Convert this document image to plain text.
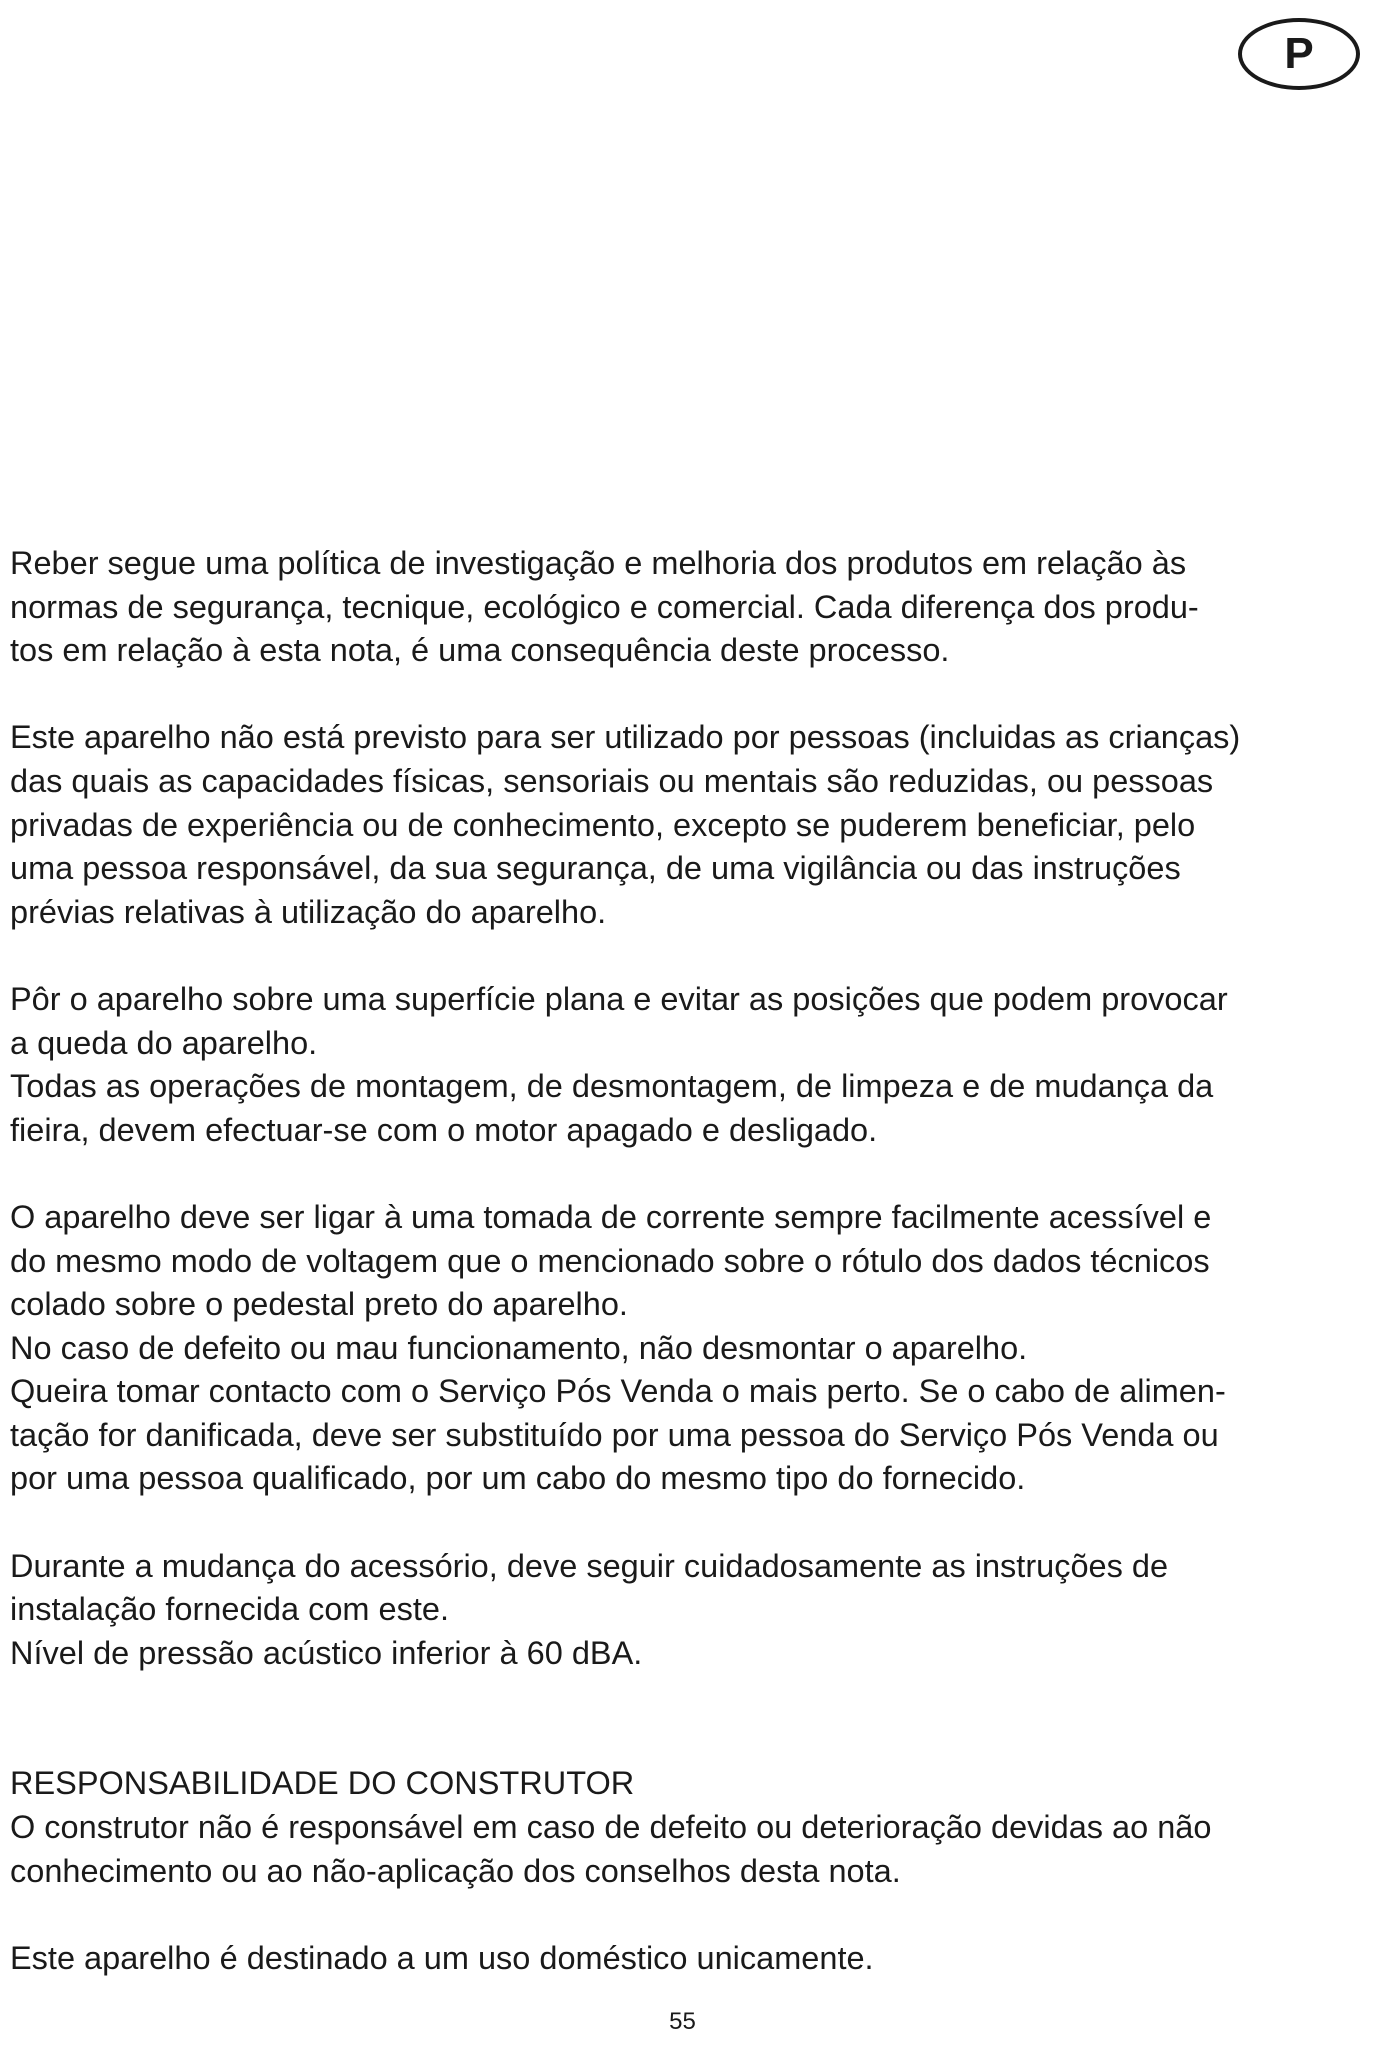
P

Reber segue uma política de investigação e melhoria dos produtos em relação às
normas de segurança, tecnique, ecológico e comercial. Cada diferença dos produ-
tos em relação à esta nota, é uma consequência deste processo.

Este aparelho não está previsto para ser utilizado por pessoas (incluidas as crianças)
das quais as capacidades físicas, sensoriais ou mentais são reduzidas, ou pessoas
privadas de experiência ou de conhecimento, excepto se puderem beneficiar, pelo
uma pessoa responsável, da sua segurança, de uma vigilância ou das instruções
prévias relativas à utilização do aparelho.

Pôr o aparelho sobre uma superfície plana e evitar as posições que podem provocar
a queda do aparelho.
Todas as operações de montagem, de desmontagem, de limpeza e de mudança da
fieira, devem efectuar-se com o motor apagado e desligado.

O aparelho deve ser ligar à uma tomada de corrente sempre facilmente acessível e
do mesmo modo de voltagem que o mencionado sobre o rótulo dos dados técnicos
colado sobre o pedestal preto do aparelho.
No caso de defeito ou mau funcionamento, não desmontar o aparelho.
Queira tomar contacto com o Serviço Pós Venda o mais perto. Se o cabo de alimen-
tação for danificada, deve ser substituído por uma pessoa do Serviço Pós Venda ou
por uma pessoa qualificado, por um cabo do mesmo tipo do fornecido.

Durante a mudança do acessório, deve seguir cuidadosamente as instruções de
instalação fornecida com este.
Nível de pressão acústico inferior à 60 dBA.

RESPONSABILIDADE DO CONSTRUTOR
O construtor não é responsável em caso de defeito ou deterioração devidas ao não
conhecimento ou ao não-aplicação dos conselhos desta nota.

Este aparelho é destinado a um uso doméstico unicamente.

55
